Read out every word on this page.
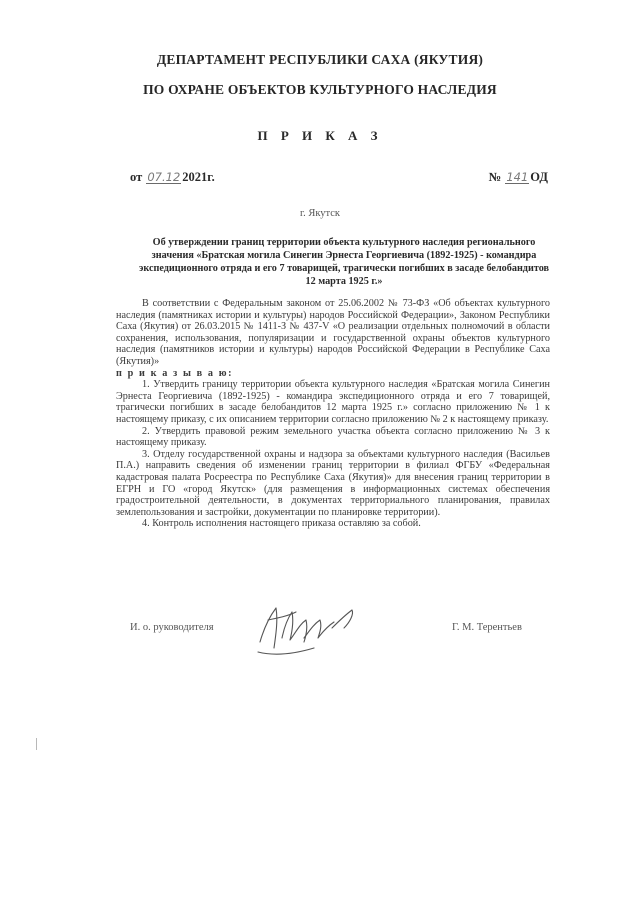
ДЕПАРТАМЕНТ РЕСПУБЛИКИ САХА (ЯКУТИЯ)
ПО ОХРАНЕ ОБЪЕКТОВ КУЛЬТУРНОГО НАСЛЕДИЯ
П Р И К А З
от 07.12 2021г.	№ 141 ОД
г. Якутск
Об утверждении границ территории объекта культурного наследия регионального значения «Братская могила Синегин Эрнеста Георгиевича (1892-1925) - командира экспедиционного отряда и его 7 товарищей, трагически погибших в засаде белобандитов 12 марта 1925 г.»

В соответствии с Федеральным законом от 25.06.2002 № 73-ФЗ «Об объектах культурного наследия (памятниках истории и культуры) народов Российской Федерации», Законом Республики Саха (Якутия) от 26.03.2015 № 1411-З № 437-V «О реализации отдельных полномочий в области сохранения, использования, популяризации и государственной охраны объектов культурного наследия (памятников истории и культуры) народов Российской Федерации в Республике Саха (Якутия)»

п р и к а з ы в а ю:

1. Утвердить границу территории объекта культурного наследия «Братская могила Синегин Эрнеста Георгиевича (1892-1925) - командира экспедиционного отряда и его 7 товарищей, трагически погибших в засаде белобандитов 12 марта 1925 г.» согласно приложению № 1 к настоящему приказу, с их описанием территории согласно приложению № 2 к настоящему приказу.

2. Утвердить правовой режим земельного участка объекта согласно приложению № 3 к настоящему приказу.

3. Отделу государственной охраны и надзора за объектами культурного наследия (Васильев П.А.) направить сведения об изменении границ территории в филиал ФГБУ «Федеральная кадастровая палата Росреестра по Республике Саха (Якутия)» для внесения границ территории в ЕГРН и ГО «город Якутск» (для размещения в информационных системах обеспечения градостроительной деятельности, в документах территориального планирования, правилах землепользования и застройки, документации по планировке территории).

4. Контроль исполнения настоящего приказа оставляю за собой.

И. о. руководителя	Г. М. Терентьев
